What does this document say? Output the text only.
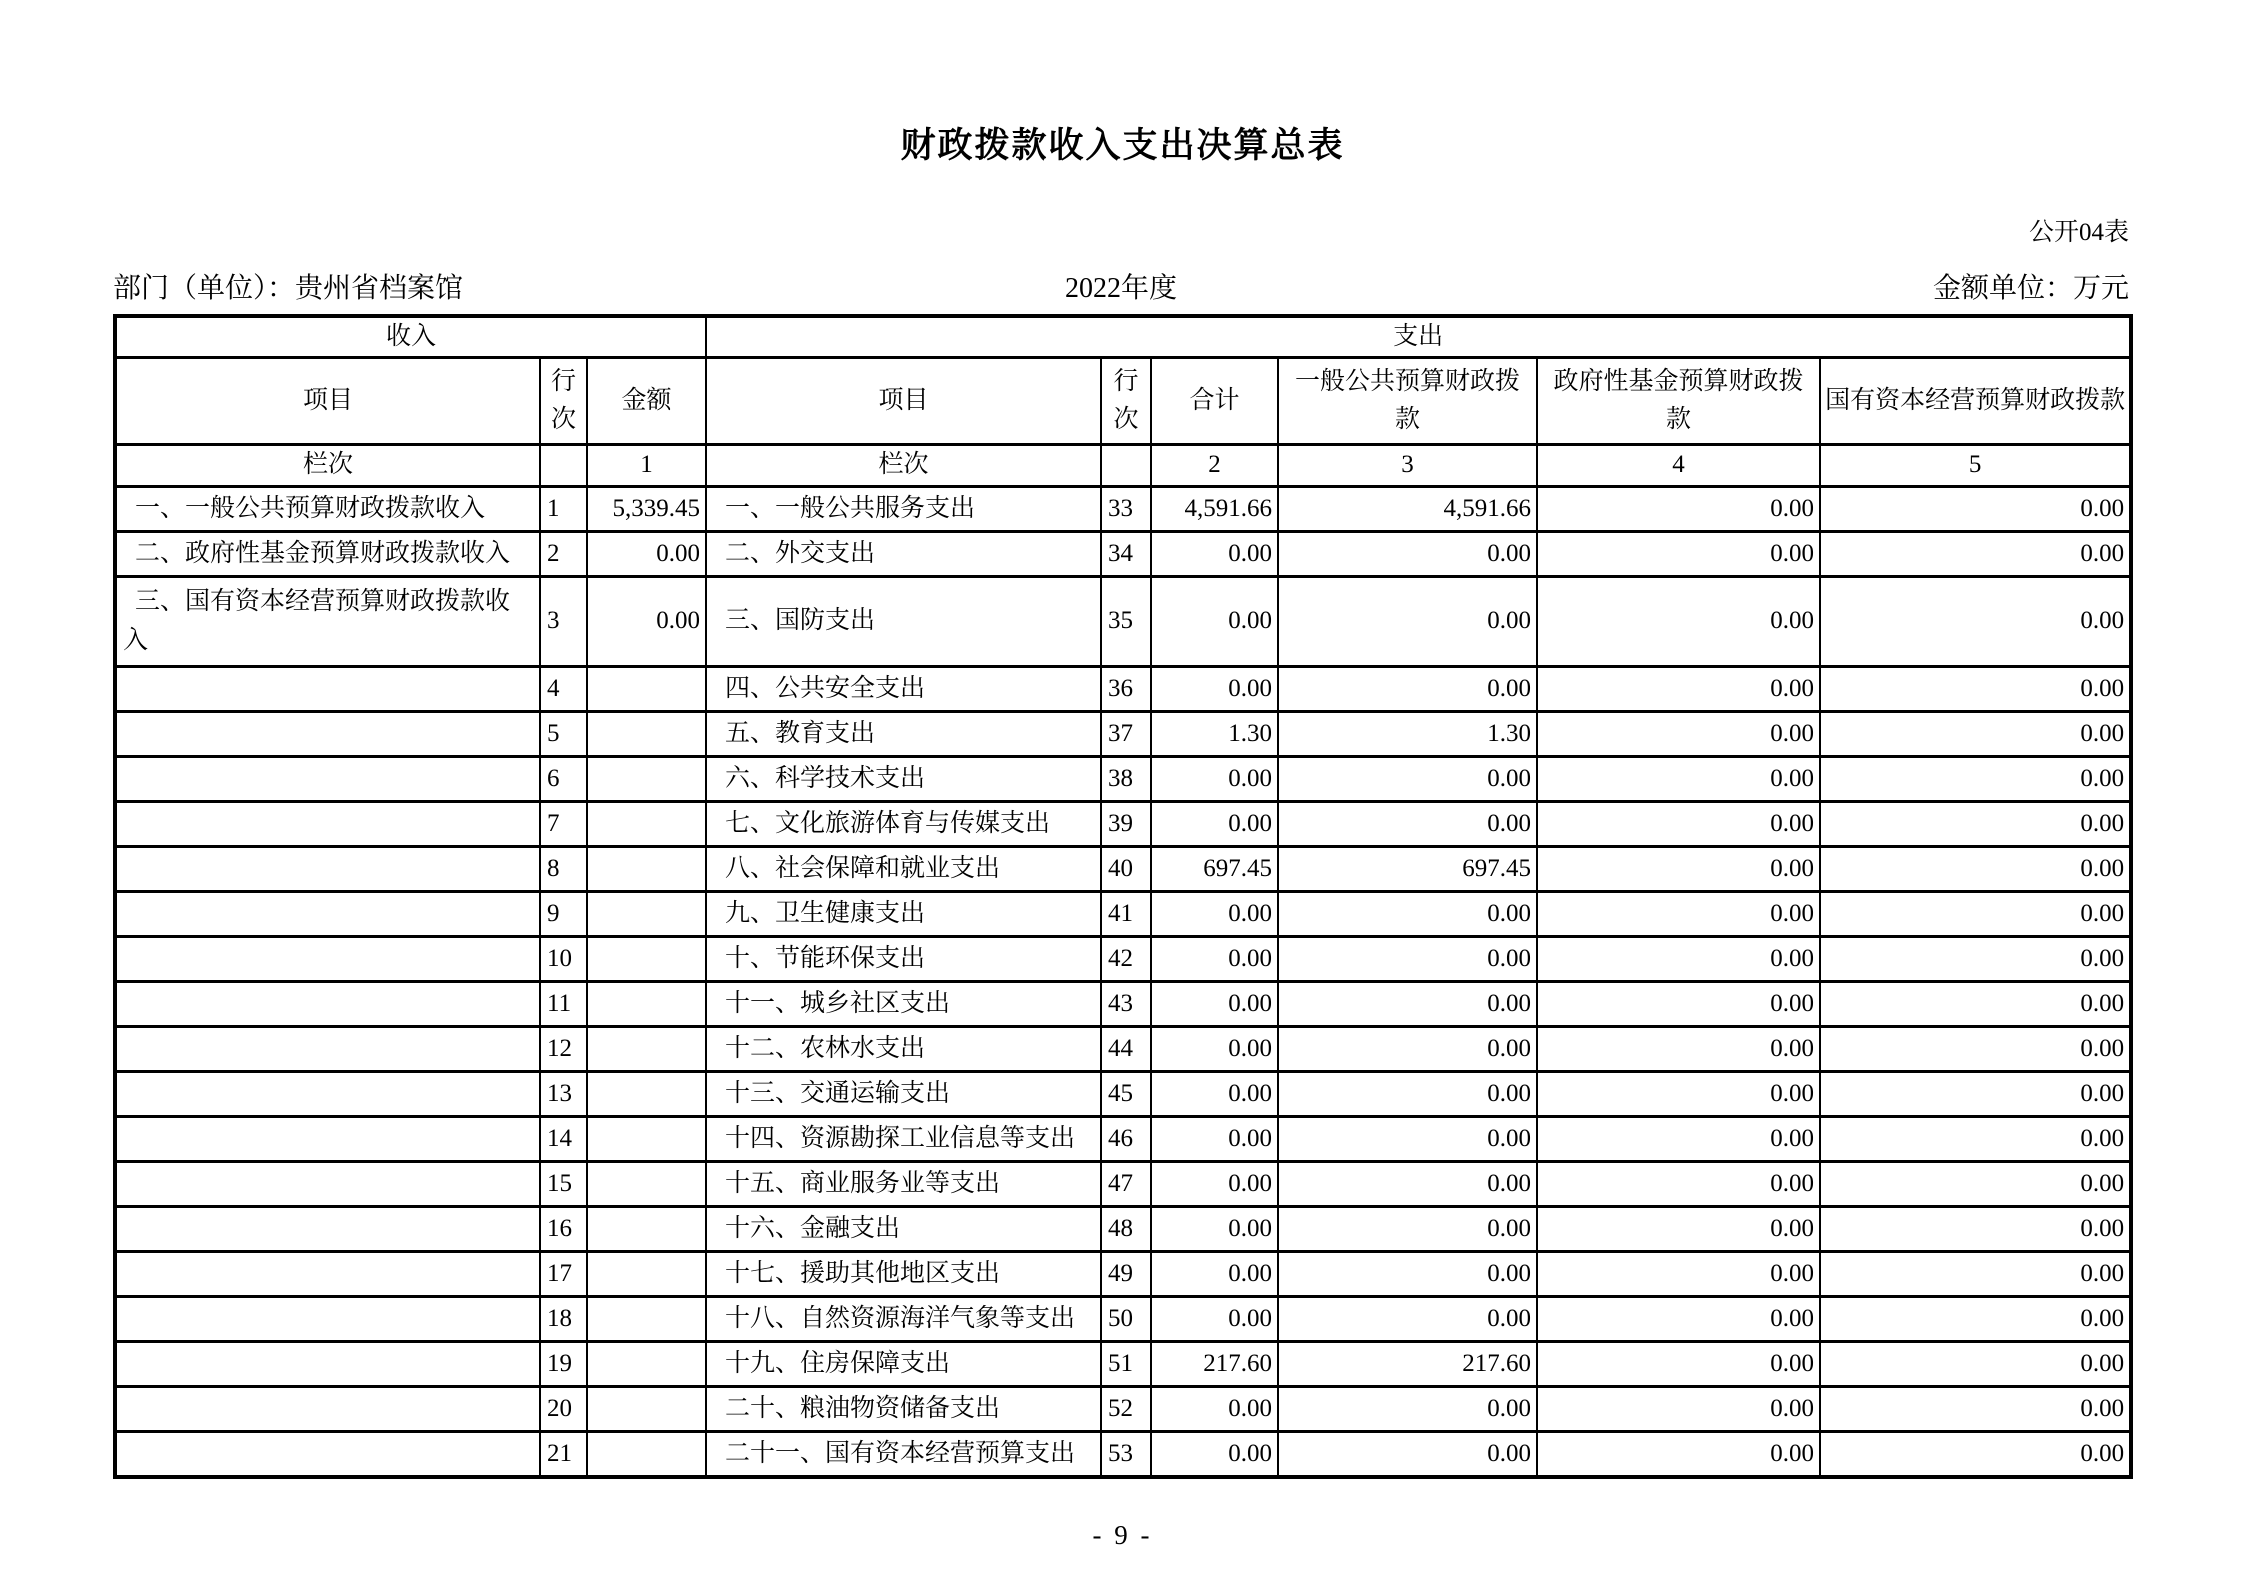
财政拨款收入支出决算总表
公开04表
部门（单位）：贵州省档案馆	2022年度	金额单位：万元
收入			支出					
项目	行次	金额	项目	行次	合计	一般公共预算财政拨款	政府性基金预算财政拨款	国有资本经营预算财政拨款
栏次		1	栏次		2	3	4	5
一、一般公共预算财政拨款收入	1	5,339.45	一、一般公共服务支出	33	4,591.66	4,591.66	0.00	0.00
二、政府性基金预算财政拨款收入	2	0.00	二、外交支出	34	0.00	0.00	0.00	0.00
三、国有资本经营预算财政拨款收入	3	0.00	三、国防支出	35	0.00	0.00	0.00	0.00
	4		四、公共安全支出	36	0.00	0.00	0.00	0.00
	5		五、教育支出	37	1.30	1.30	0.00	0.00
	6		六、科学技术支出	38	0.00	0.00	0.00	0.00
	7		七、文化旅游体育与传媒支出	39	0.00	0.00	0.00	0.00
	8		八、社会保障和就业支出	40	697.45	697.45	0.00	0.00
	9		九、卫生健康支出	41	0.00	0.00	0.00	0.00
	10		十、节能环保支出	42	0.00	0.00	0.00	0.00
	11		十一、城乡社区支出	43	0.00	0.00	0.00	0.00
	12		十二、农林水支出	44	0.00	0.00	0.00	0.00
	13		十三、交通运输支出	45	0.00	0.00	0.00	0.00
	14		十四、资源勘探工业信息等支出	46	0.00	0.00	0.00	0.00
	15		十五、商业服务业等支出	47	0.00	0.00	0.00	0.00
	16		十六、金融支出	48	0.00	0.00	0.00	0.00
	17		十七、援助其他地区支出	49	0.00	0.00	0.00	0.00
	18		十八、自然资源海洋气象等支出	50	0.00	0.00	0.00	0.00
	19		十九、住房保障支出	51	217.60	217.60	0.00	0.00
	20		二十、粮油物资储备支出	52	0.00	0.00	0.00	0.00
	21		二十一、国有资本经营预算支出	53	0.00	0.00	0.00	0.00
- 9 -
